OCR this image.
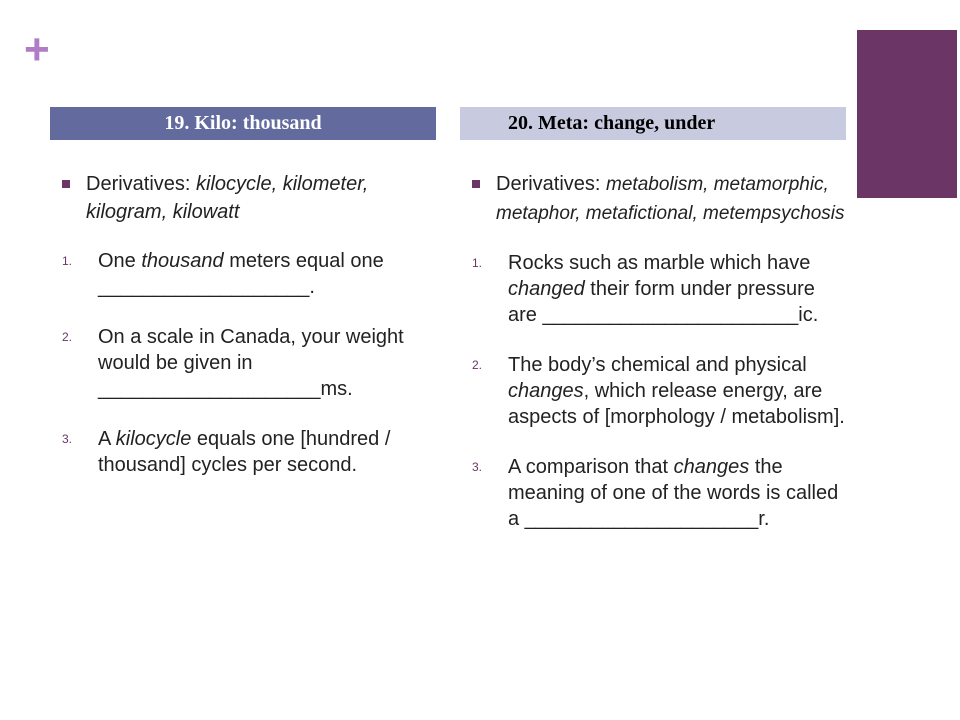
+
19. Kilo: thousand
Derivatives: kilocycle, kilometer, kilogram, kilowatt
1. One thousand meters equal one ___________________.
2. On a scale in Canada, your weight would be given in ____________________ms.
3. A kilocycle equals one [hundred / thousand] cycles per second.
20. Meta: change, under
Derivatives: metabolism, metamorphic, metaphor, metafictional, metempsychosis
1. Rocks such as marble which have changed their form under pressure are _______________________ic.
2. The body’s chemical and physical changes, which release energy, are aspects of [morphology / metabolism].
3. A comparison that changes the meaning of one of the words is called a _____________________r.
